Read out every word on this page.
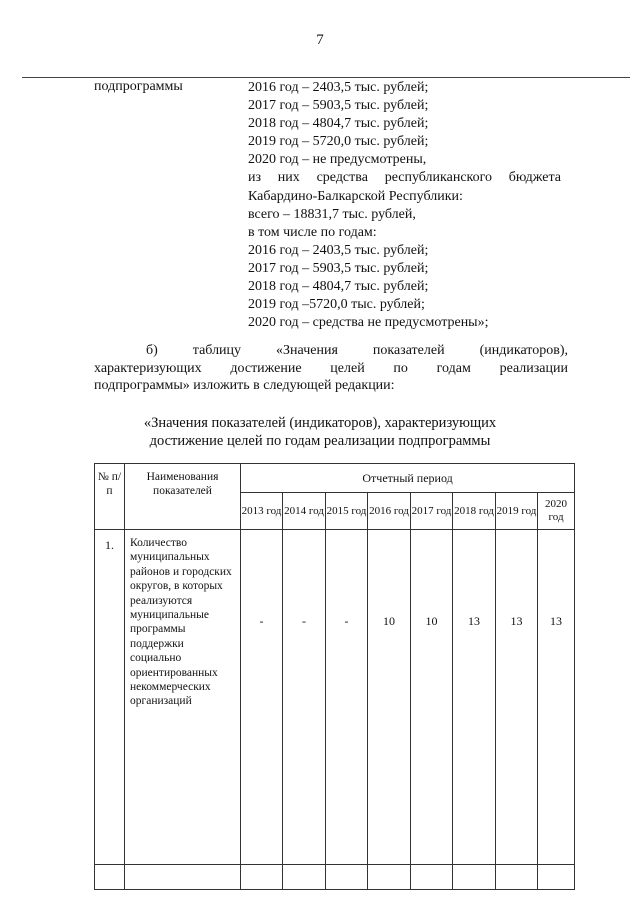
7
подпрограммы	2016 год – 2403,5 тыс. рублей;
2017 год – 5903,5 тыс. рублей;
2018 год – 4804,7 тыс. рублей;
2019 год – 5720,0 тыс. рублей;
2020 год – не предусмотрены,
из них средства республиканского бюджета
Кабардино-Балкарской Республики:
всего – 18831,7 тыс. рублей,
в том числе по годам:
2016 год – 2403,5 тыс. рублей;
2017 год – 5903,5 тыс. рублей;
2018 год – 4804,7 тыс. рублей;
2019 год –5720,0 тыс. рублей;
2020 год – средства не предусмотрены»;
б) таблицу «Значения показателей (индикаторов),
характеризующих достижение целей по годам реализации
подпрограммы» изложить в следующей редакции:
«Значения показателей (индикаторов), характеризующих
достижение целей по годам реализации подпрограммы
№ п/п	Наименования показателей	Отчетный период							
		2013 год	2014 год	2015 год	2016 год	2017 год	2018 год	2019 год	2020 год
1.	Количество муниципальных районов и городских округов, в которых реализуются муниципальные программы поддержки социально ориентированных некоммерческих организаций	-	-	-	10	10	13	13	13
